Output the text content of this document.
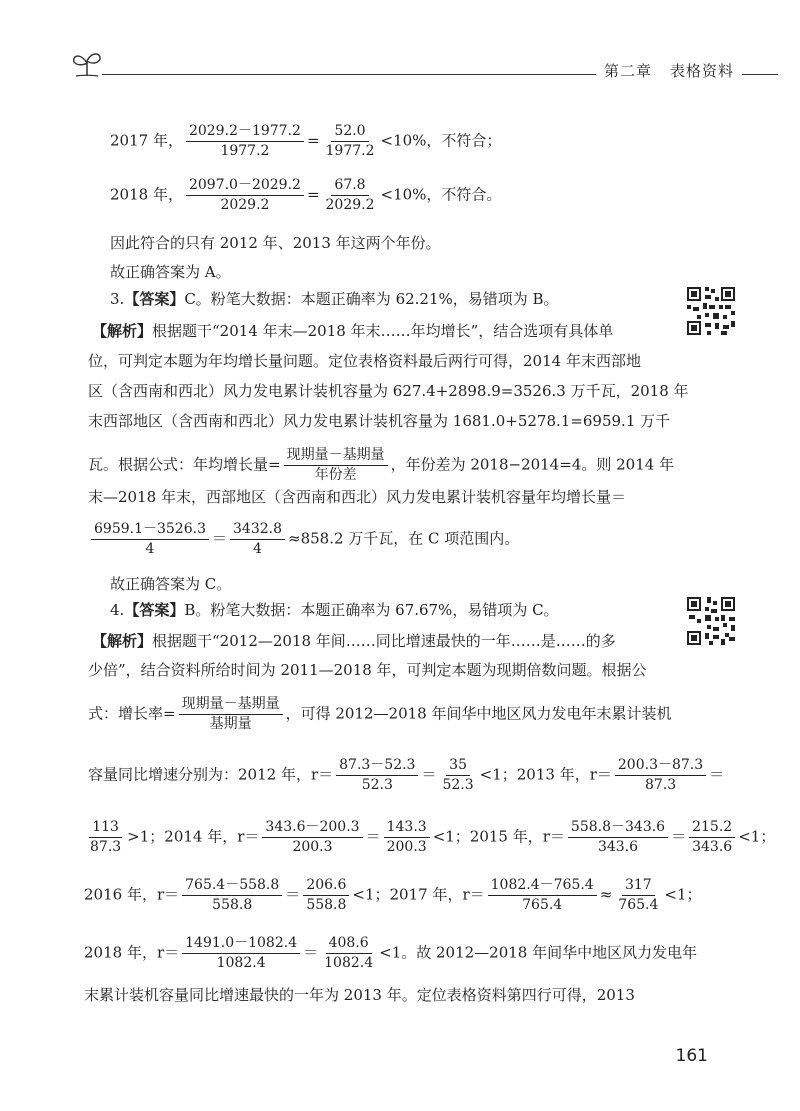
第二章 表格资料
2017 年， $\frac{2029.2-1977.2}{1977.2} = \frac{52.0}{1977.2} <10\%$，不符合；
2018 年， $\frac{2097.0-2029.2}{2029.2} = \frac{67.8}{2029.2} <10\%$，不符合。
因此符合的只有 2012 年、2013 年这两个年份。
故正确答案为 A。
3.【答案】C。粉笔大数据：本题正确率为 62.21%，易错项为 B。
【解析】根据题干“2014 年末—2018 年末……年均增长”，结合选项有具体单
位，可判定本题为年均增长量问题。定位表格资料最后两行可得，2014 年末西部地
区（含西南和西北）风力发电累计装机容量为 627.4+2898.9=3526.3 万千瓦，2018 年
末西部地区（含西南和西北）风力发电累计装机容量为 1681.0+5278.1=6959.1 万千
瓦。根据公式：年均增长量= $\frac{\text{现期量－基期量}}{\text{年份差}}$ ，年份差为 2018−2014=4。则 2014 年
末—2018 年末，西部地区（含西南和西北）风力发电累计装机容量年均增长量＝
$\frac{6959.1-3526.3}{4} = \frac{3432.8}{4} \approx 858.2$ 万千瓦，在 C 项范围内。
故正确答案为 C。
4.【答案】B。粉笔大数据：本题正确率为 67.67%，易错项为 C。
【解析】根据题干“2012—2018 年间……同比增速最快的一年……是……的多
少倍”，结合资料所给时间为 2011—2018 年，可判定本题为现期倍数问题。根据公
式：增长率= $\frac{\text{现期量－基期量}}{\text{基期量}}$ ，可得 2012—2018 年间华中地区风力发电年末累计装机
容量同比增速分别为：2012 年，$r= \frac{87.3-52.3}{52.3} = \frac{35}{52.3} <1$；2013 年，$r= \frac{200.3-87.3}{87.3}$ ＝
$\frac{113}{87.3} >1$；2014 年，$r= \frac{343.6-200.3}{200.3} = \frac{143.3}{200.3} <1$；2015 年，$r= \frac{558.8-343.6}{343.6} = \frac{215.2}{343.6} <1$；
2016 年，$r= \frac{765.4-558.8}{558.8} = \frac{206.6}{558.8} <1$；2017 年，$r= \frac{1082.4-765.4}{765.4} \approx \frac{317}{765.4} <1$；
2018 年，$r= \frac{1491.0-1082.4}{1082.4} = \frac{408.6}{1082.4} <1$。故 2012—2018 年间华中地区风力发电年
末累计装机容量同比增速最快的一年为 2013 年。定位表格资料第四行可得，2013
161
